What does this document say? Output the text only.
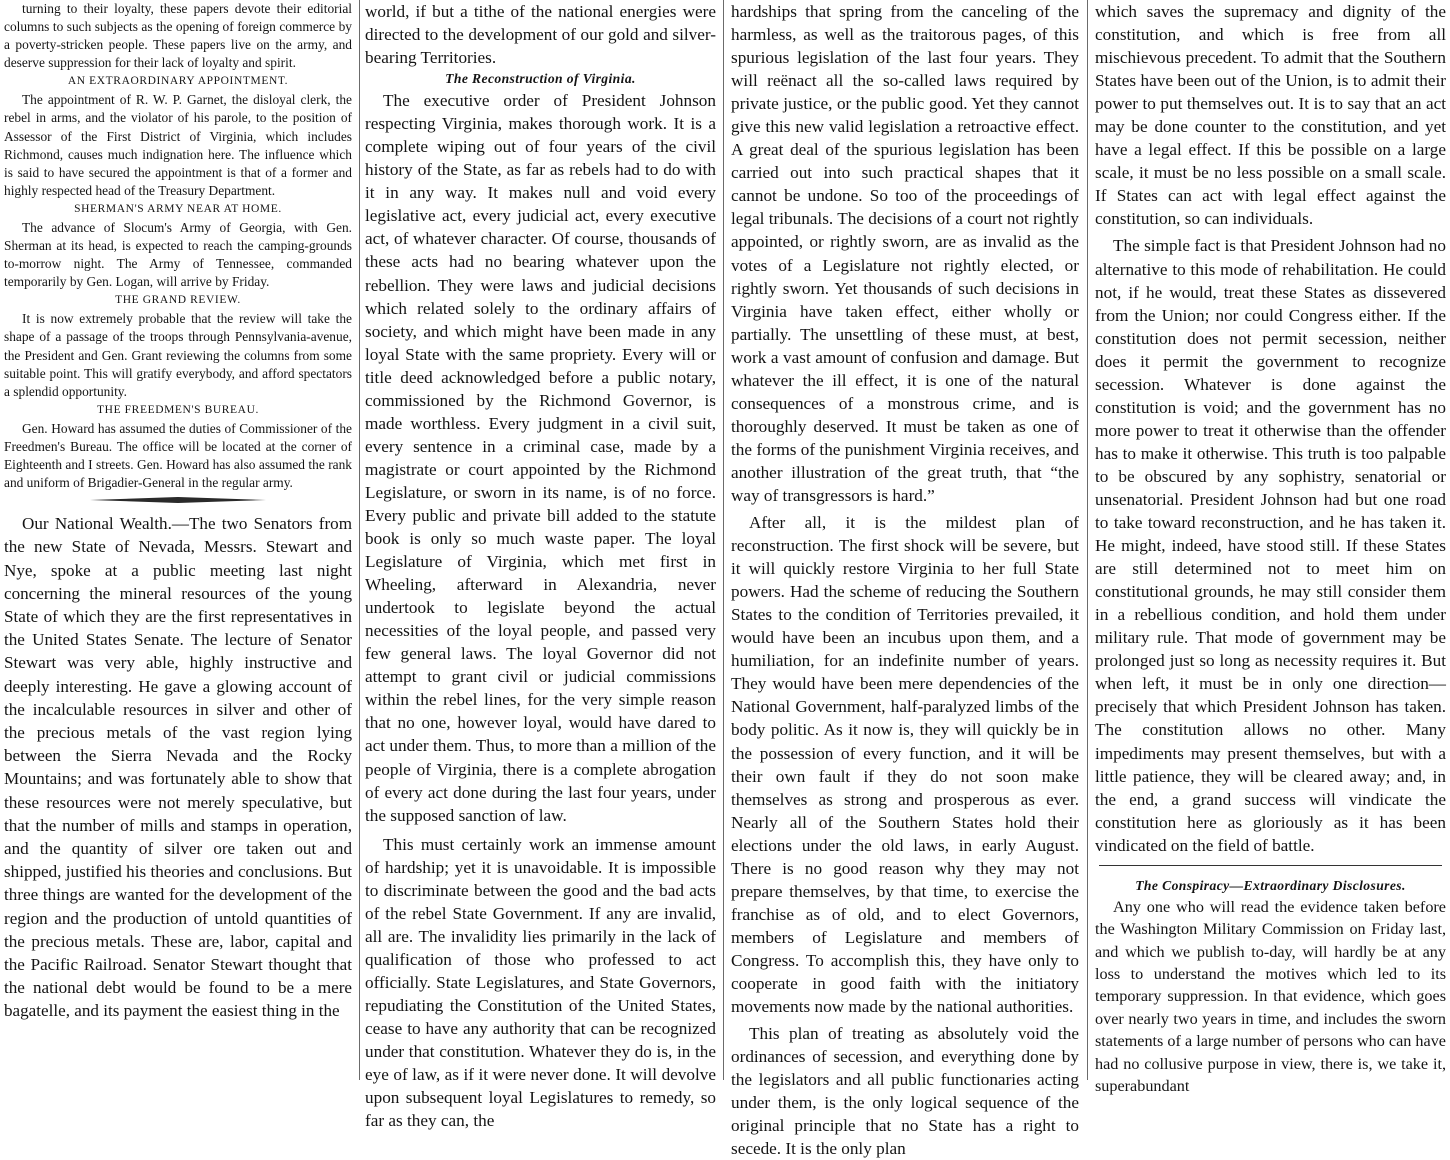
turning to their loyalty, these papers devote their editorial columns to such subjects as the opening of foreign commerce by a poverty-stricken people. These papers live on the army, and deserve suppression for their lack of loyalty and spirit.

AN EXTRAORDINARY APPOINTMENT.

The appointment of R. W. P. Garnet, the disloyal clerk, the rebel in arms, and the violator of his parole, to the position of Assessor of the First District of Virginia, which includes Richmond, causes much indignation here. The influence which is said to have secured the appointment is that of a former and highly respected head of the Treasury Department.

SHERMAN'S ARMY NEAR AT HOME.

The advance of Slocum's Army of Georgia, with Gen. Sherman at its head, is expected to reach the camping-grounds to-morrow night. The Army of Tennessee, commanded temporarily by Gen. Logan, will arrive by Friday.

THE GRAND REVIEW.

It is now extremely probable that the review will take the shape of a passage of the troops through Pennsylvania-avenue, the President and Gen. Grant reviewing the columns from some suitable point. This will gratify everybody, and afford spectators a splendid opportunity.

THE FREEDMEN'S BUREAU.

Gen. Howard has assumed the duties of Commissioner of the Freedmen's Bureau. The office will be located at the corner of Eighteenth and I streets. Gen. Howard has also assumed the rank and uniform of Brigadier-General in the regular army.

Our National Wealth.—The two Senators from the new State of Nevada, Messrs. Stewart and Nye, spoke at a public meeting last night concerning the mineral resources of the young State of which they are the first representatives in the United States Senate. The lecture of Senator Stewart was very able, highly instructive and deeply interesting. He gave a glowing account of the incalculable resources in silver and other of the precious metals of the vast region lying between the Sierra Nevada and the Rocky Mountains; and was fortunately able to show that these resources were not merely speculative, but that the number of mills and stamps in operation, and the quantity of silver ore taken out and shipped, justified his theories and conclusions. But three things are wanted for the development of the region and the production of untold quantities of the precious metals. These are, labor, capital and the Pacific Railroad. Senator Stewart thought that the national debt would be found to be a mere bagatelle, and its payment the easiest thing in the

world, if but a tithe of the national energies were directed to the development of our gold and silver-bearing Territories.

The Reconstruction of Virginia.

The executive order of President Johnson respecting Virginia, makes thorough work. It is a complete wiping out of four years of the civil history of the State, as far as rebels had to do with it in any way. It makes null and void every legislative act, every judicial act, every executive act, of whatever character. Of course, thousands of these acts had no bearing whatever upon the rebellion. They were laws and judicial decisions which related solely to the ordinary affairs of society, and which might have been made in any loyal State with the same propriety. Every will or title deed acknowledged before a public notary, commissioned by the Richmond Governor, is made worthless. Every judgment in a civil suit, every sentence in a criminal case, made by a magistrate or court appointed by the Richmond Legislature, or sworn in its name, is of no force. Every public and private bill added to the statute book is only so much waste paper. The loyal Legislature of Virginia, which met first in Wheeling, afterward in Alexandria, never undertook to legislate beyond the actual necessities of the loyal people, and passed very few general laws. The loyal Governor did not attempt to grant civil or judicial commissions within the rebel lines, for the very simple reason that no one, however loyal, would have dared to act under them. Thus, to more than a million of the people of Virginia, there is a complete abrogation of every act done during the last four years, under the supposed sanction of law.

This must certainly work an immense amount of hardship; yet it is unavoidable. It is impossible to discriminate between the good and the bad acts of the rebel State Government. If any are invalid, all are. The invalidity lies primarily in the lack of qualification of those who professed to act officially. State Legislatures, and State Governors, repudiating the Constitution of the United States, cease to have any authority that can be recognized under that constitution. Whatever they do is, in the eye of law, as if it were never done. It will devolve upon subsequent loyal Legislatures to remedy, so far as they can, the

hardships that spring from the canceling of the harmless, as well as the traitorous pages, of this spurious legislation of the last four years. They will reënact all the so-called laws required by private justice, or the public good. Yet they cannot give this new valid legislation a retroactive effect. A great deal of the spurious legislation has been carried out into such practical shapes that it cannot be undone. So too of the proceedings of legal tribunals. The decisions of a court not rightly appointed, or rightly sworn, are as invalid as the votes of a Legislature not rightly elected, or rightly sworn. Yet thousands of such decisions in Virginia have taken effect, either wholly or partially. The unsettling of these must, at best, work a vast amount of confusion and damage. But whatever the ill effect, it is one of the natural consequences of a monstrous crime, and is thoroughly deserved. It must be taken as one of the forms of the punishment Virginia receives, and another illustration of the great truth, that “the way of transgressors is hard.”

After all, it is the mildest plan of reconstruction. The first shock will be severe, but it will quickly restore Virginia to her full State powers. Had the scheme of reducing the Southern States to the condition of Territories prevailed, it would have been an incubus upon them, and a humiliation, for an indefinite number of years. They would have been mere dependencies of the National Government, half-paralyzed limbs of the body politic. As it now is, they will quickly be in the possession of every function, and it will be their own fault if they do not soon make themselves as strong and prosperous as ever. Nearly all of the Southern States hold their elections under the old laws, in early August. There is no good reason why they may not prepare themselves, by that time, to exercise the franchise as of old, and to elect Governors, members of Legislature and members of Congress. To accomplish this, they have only to cooperate in good faith with the initiatory movements now made by the national authorities.

This plan of treating as absolutely void the ordinances of secession, and everything done by the legislators and all public functionaries acting under them, is the only logical sequence of the original principle that no State has a right to secede. It is the only plan

which saves the supremacy and dignity of the constitution, and which is free from all mischievous precedent. To admit that the Southern States have been out of the Union, is to admit their power to put themselves out. It is to say that an act may be done counter to the constitution, and yet have a legal effect. If this be possible on a large scale, it must be no less possible on a small scale. If States can act with legal effect against the constitution, so can individuals.

The simple fact is that President Johnson had no alternative to this mode of rehabilitation. He could not, if he would, treat these States as dissevered from the Union; nor could Congress either. If the constitution does not permit secession, neither does it permit the government to recognize secession. Whatever is done against the constitution is void; and the government has no more power to treat it otherwise than the offender has to make it otherwise. This truth is too palpable to be obscured by any sophistry, senatorial or unsenatorial. President Johnson had but one road to take toward reconstruction, and he has taken it. He might, indeed, have stood still. If these States are still determined not to meet him on constitutional grounds, he may still consider them in a rebellious condition, and hold them under military rule. That mode of government may be prolonged just so long as necessity requires it. But when left, it must be in only one direction—precisely that which President Johnson has taken. The constitution allows no other. Many impediments may present themselves, but with a little patience, they will be cleared away; and, in the end, a grand success will vindicate the constitution here as gloriously as it has been vindicated on the field of battle.

The Conspiracy—Extraordinary Disclosures.

Any one who will read the evidence taken before the Washington Military Commission on Friday last, and which we publish to-day, will hardly be at any loss to understand the motives which led to its temporary suppression. In that evidence, which goes over nearly two years in time, and includes the sworn statements of a large number of persons who can have had no collusive purpose in view, there is, we take it, superabundant
